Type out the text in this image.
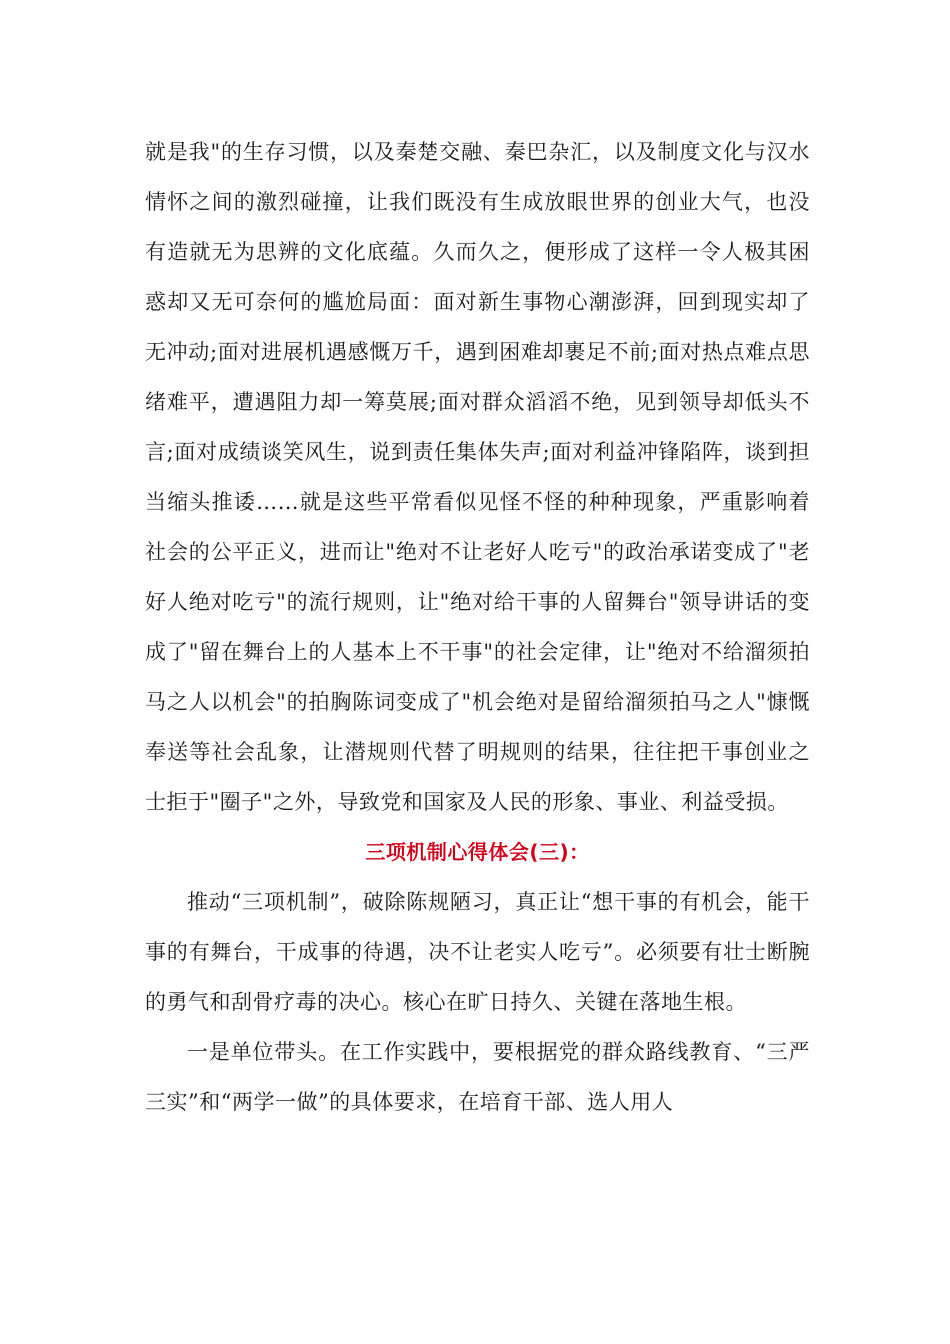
就是我"的生存习惯，以及秦楚交融、秦巴杂汇，以及制度文化与汉水情怀之间的激烈碰撞，让我们既没有生成放眼世界的创业大气，也没有造就无为思辨的文化底蕴。久而久之，便形成了这样一令人极其困惑却又无可奈何的尴尬局面：面对新生事物心潮澎湃，回到现实却了无冲动;面对进展机遇感慨万千，遇到困难却裹足不前;面对热点难点思绪难平，遭遇阻力却一筹莫展;面对群众滔滔不绝，见到领导却低头不言;面对成绩谈笑风生，说到责任集体失声;面对利益冲锋陷阵，谈到担当缩头推诿……就是这些平常看似见怪不怪的种种现象，严重影响着社会的公平正义，进而让"绝对不让老好人吃亏"的政治承诺变成了"老好人绝对吃亏"的流行规则，让"绝对给干事的人留舞台"领导讲话的变成了"留在舞台上的人基本上不干事"的社会定律，让"绝对不给溜须拍马之人以机会"的拍胸陈词变成了"机会绝对是留给溜须拍马之人"慷慨奉送等社会乱象，让潜规则代替了明规则的结果，往往把干事创业之士拒于"圈子"之外，导致党和国家及人民的形象、事业、利益受损。

三项机制心得体会(三)：

推动“三项机制”，破除陈规陋习，真正让“想干事的有机会，能干事的有舞台，干成事的待遇，决不让老实人吃亏”。必须要有壮士断腕的勇气和刮骨疗毒的决心。核心在旷日持久、关键在落地生根。

一是单位带头。在工作实践中，要根据党的群众路线教育、“三严三实”和“两学一做”的具体要求，在培育干部、选人用人
